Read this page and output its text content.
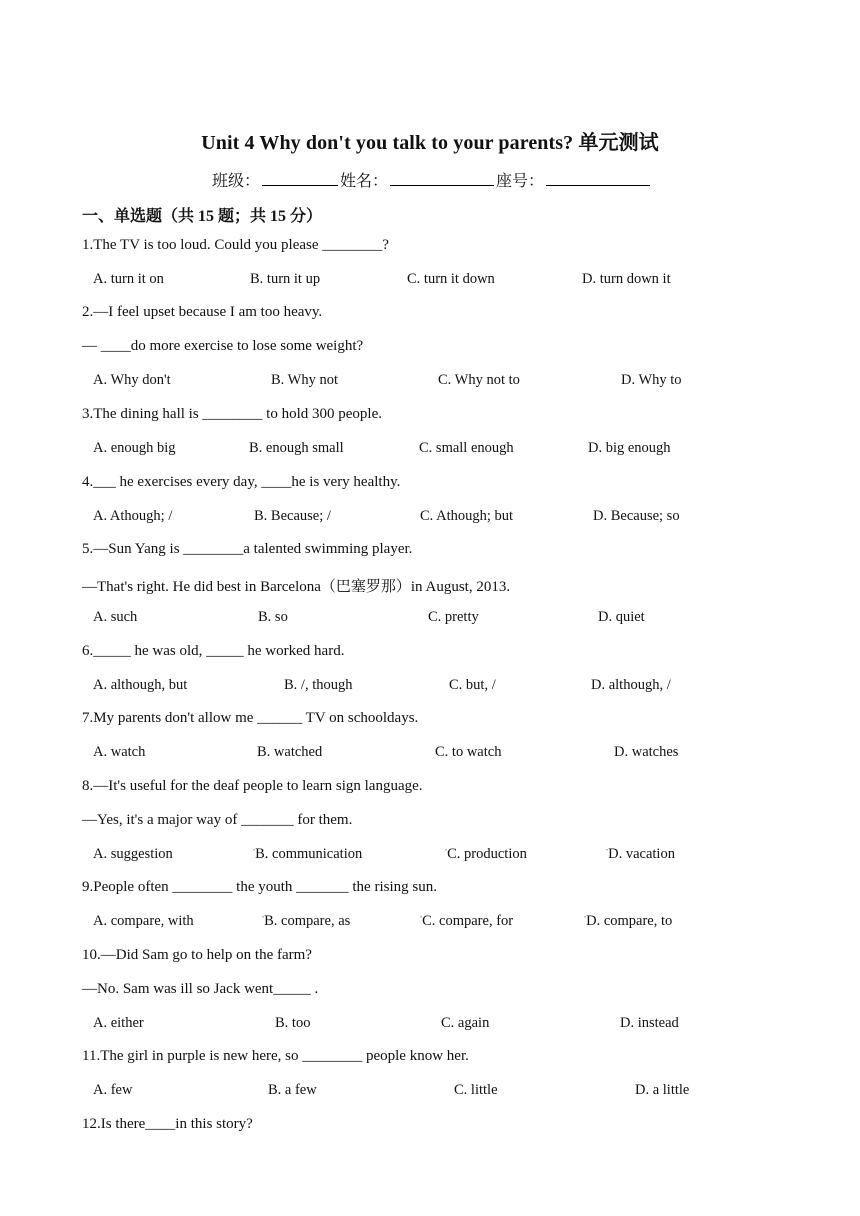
Unit 4 Why don't you talk to your parents? 单元测试
班级：	姓名：	座号：
一、单选题（共 15 题；共 15 分）
1.The TV is too loud. Could you please ________?
A. turn it on	B. turn it up	C. turn it down	D. turn down it
2.—I feel upset because I am too heavy.
— ____do more exercise to lose some weight?
A. Why don't	B. Why not	C. Why not to	D. Why to
3.The dining hall is ________ to hold 300 people.
A. enough big	B. enough small	C. small enough	D. big enough
4.___ he exercises every day, ____he is very healthy.
A. Athough; /	B. Because; /	C. Athough; but	D. Because; so
5.—Sun Yang is ________a talented swimming player.
—That's right. He did best in Barcelona（巴塞罗那）in August, 2013.
A. such	B. so	C. pretty	D. quiet
6._____ he was old, _____ he worked hard.
A. although, but	B. /, though	C. but, /	D. although, /
7.My parents don't allow me ______ TV on schooldays.
A. watch	B. watched	C. to watch	D. watches
8.—It's useful for the deaf people to learn sign language.
—Yes, it's a major way of _______ for them.
A. suggestion	•B. communication	•C. production	•D. vacation
9.People often ________ the youth _______ the rising sun.
A. compare, with	•B. compare, as	•C. compare, for	•D. compare, to
10.—Did Sam go to help on the farm?
—No. Sam was ill so Jack went_____ .
A. either	B. too	C. again	D. instead
11.The girl in purple is new here, so ________ people know her.
A. few	B. a few	C. little	D. a little
12.Is there____in this story?
